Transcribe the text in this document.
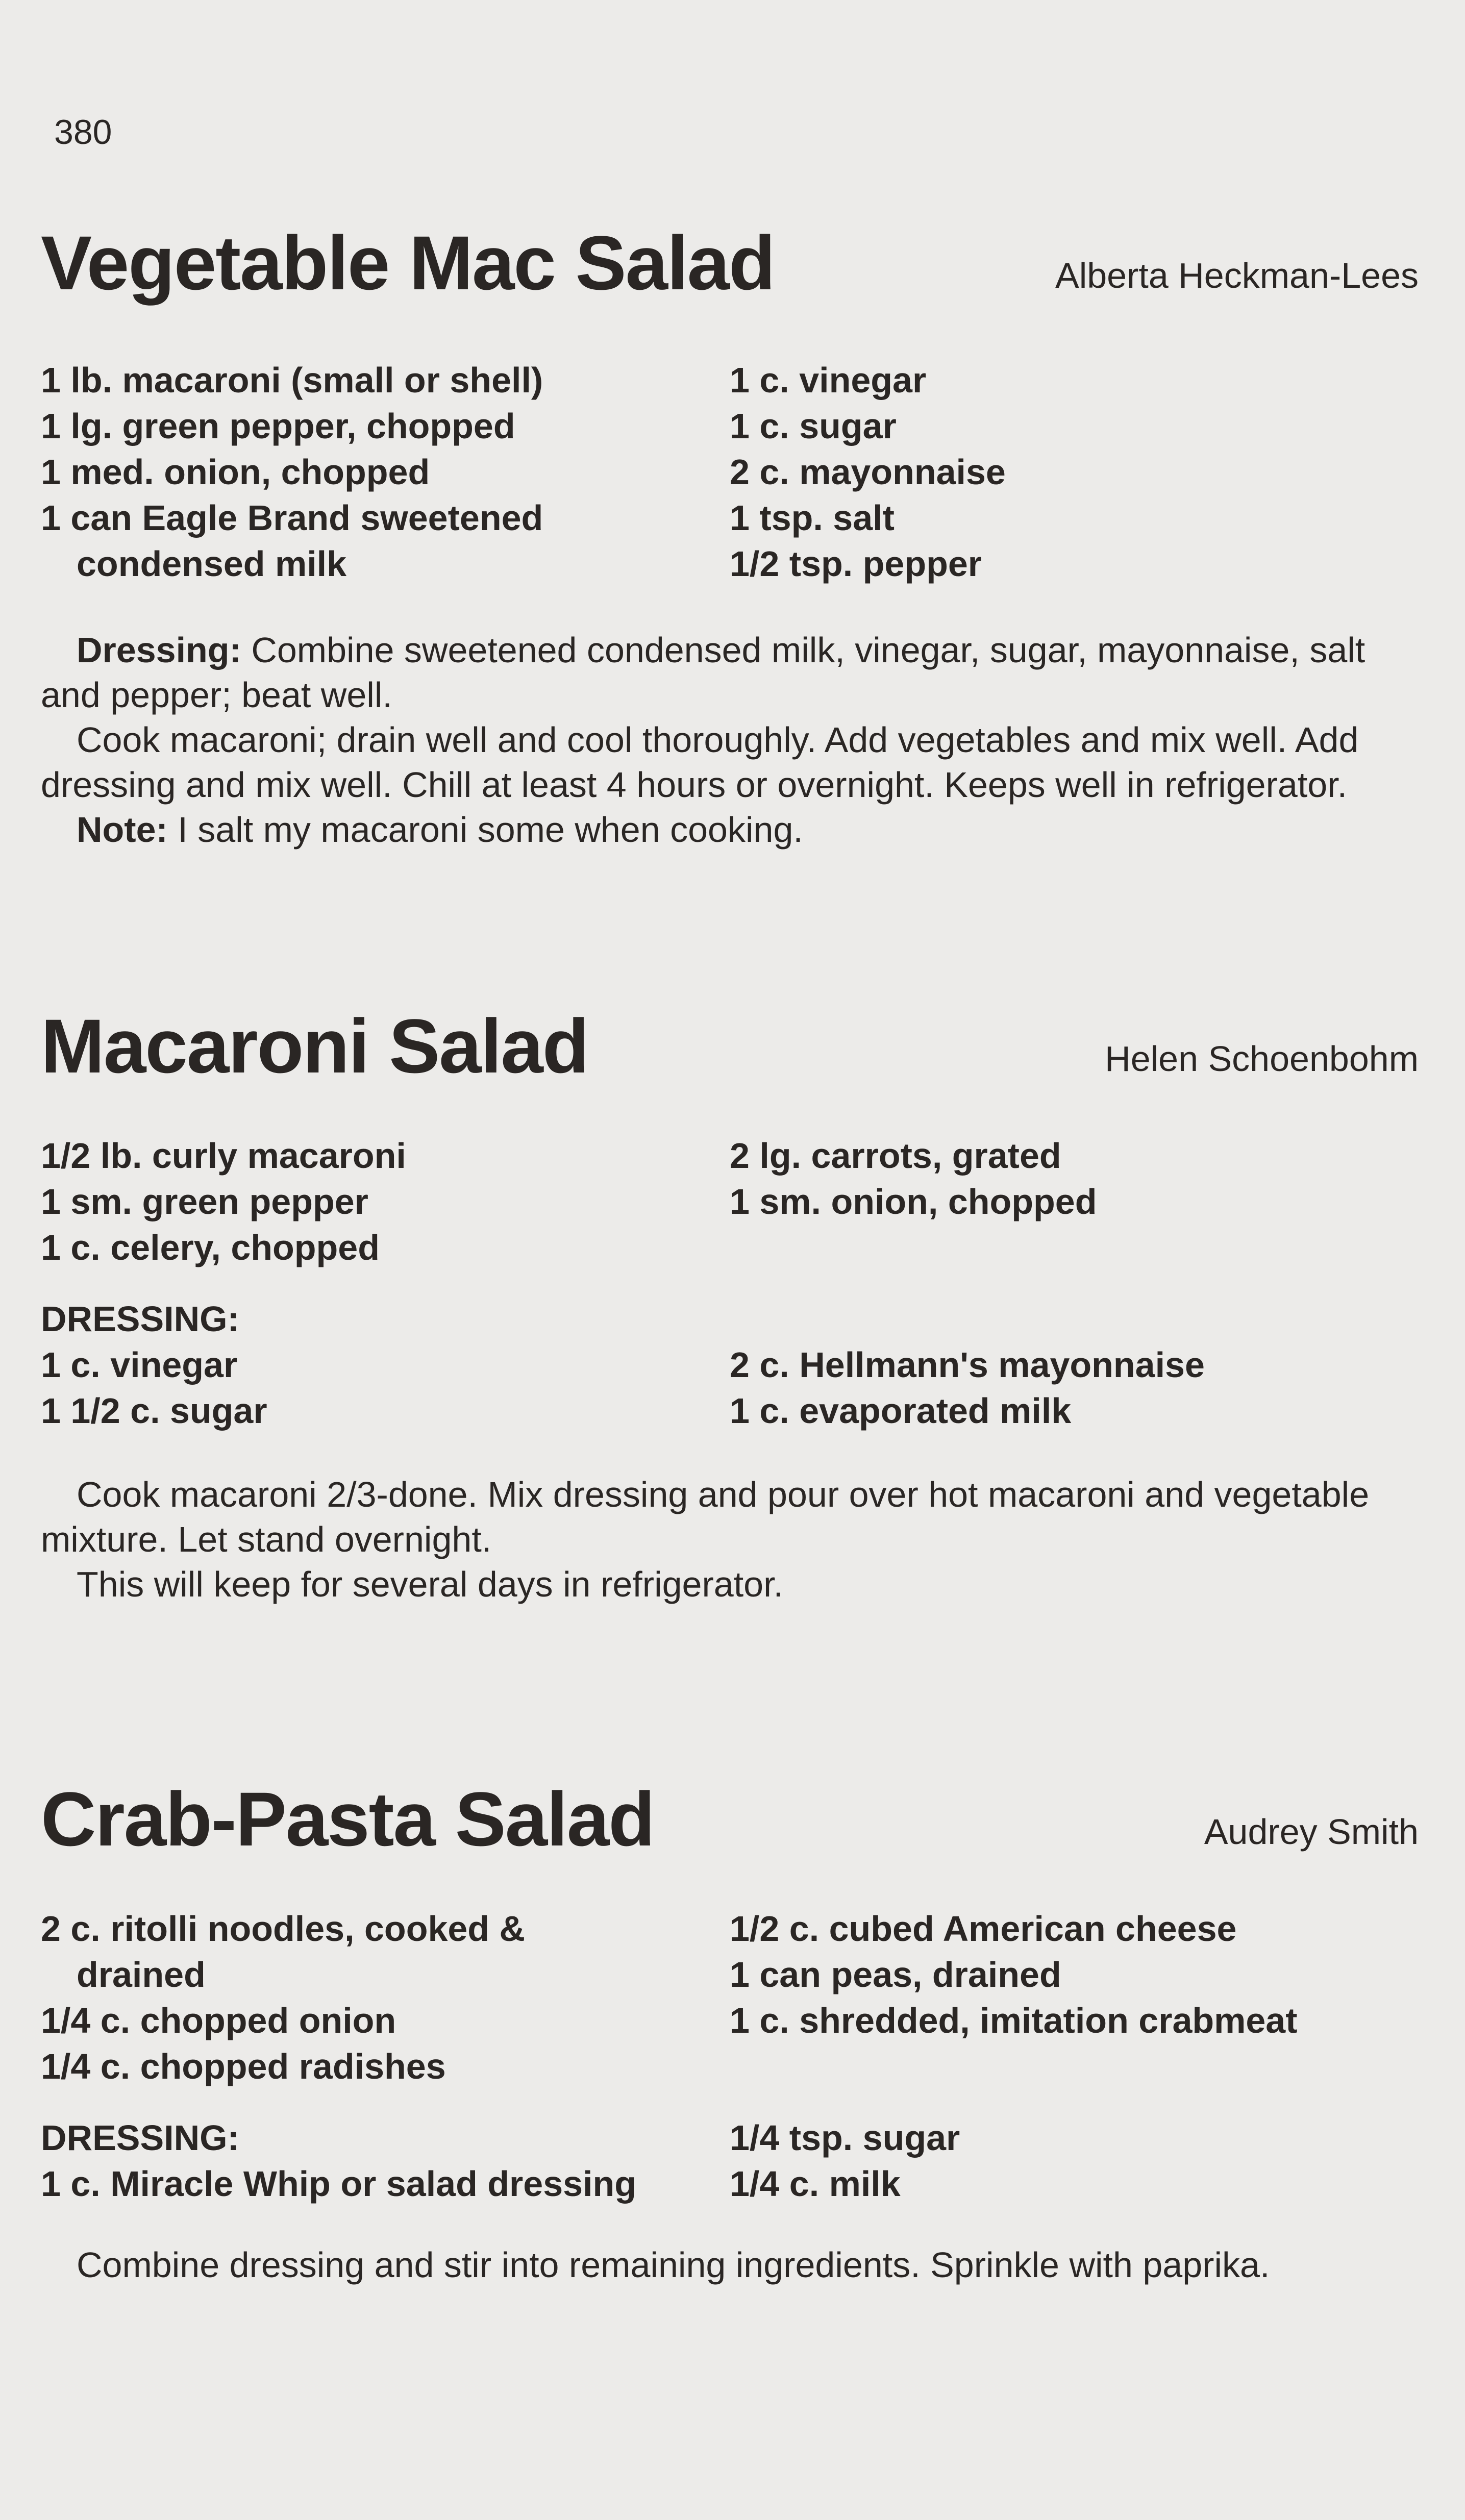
380
Vegetable Mac Salad	Alberta Heckman-Lees

1 lb. macaroni (small or shell)

1 lg. green pepper, chopped

1 med. onion, chopped

1 can Eagle Brand sweetened

condensed milk

1 c. vinegar

1 c. sugar

2 c. mayonnaise

1 tsp. salt

1/2 tsp. pepper

Dressing: Combine sweetened condensed milk, vinegar, sugar, mayonnaise, salt and pepper; beat well.

Cook macaroni; drain well and cool thoroughly. Add vegetables and mix well. Add dressing and mix well. Chill at least 4 hours or overnight. Keeps well in refrigerator.

Note: I salt my macaroni some when cooking.

Macaroni Salad	Helen Schoenbohm

1/2 lb. curly macaroni

1 sm. green pepper

1 c. celery, chopped

2 lg. carrots, grated

1 sm. onion, chopped

DRESSING:

1 c. vinegar

1 1/2 c. sugar

2 c. Hellmann's mayonnaise

1 c. evaporated milk

Cook macaroni 2/3-done. Mix dressing and pour over hot macaroni and vegetable mixture. Let stand overnight.

This will keep for several days in refrigerator.

Crab-Pasta Salad	Audrey Smith

2 c. ritolli noodles, cooked &

drained

1/4 c. chopped onion

1/4 c. chopped radishes

1/2 c. cubed American cheese

1 can peas, drained

1 c. shredded, imitation crabmeat

DRESSING:

1 c. Miracle Whip or salad dressing

1/4 tsp. sugar

1/4 c. milk

Combine dressing and stir into remaining ingredients. Sprinkle with paprika.
